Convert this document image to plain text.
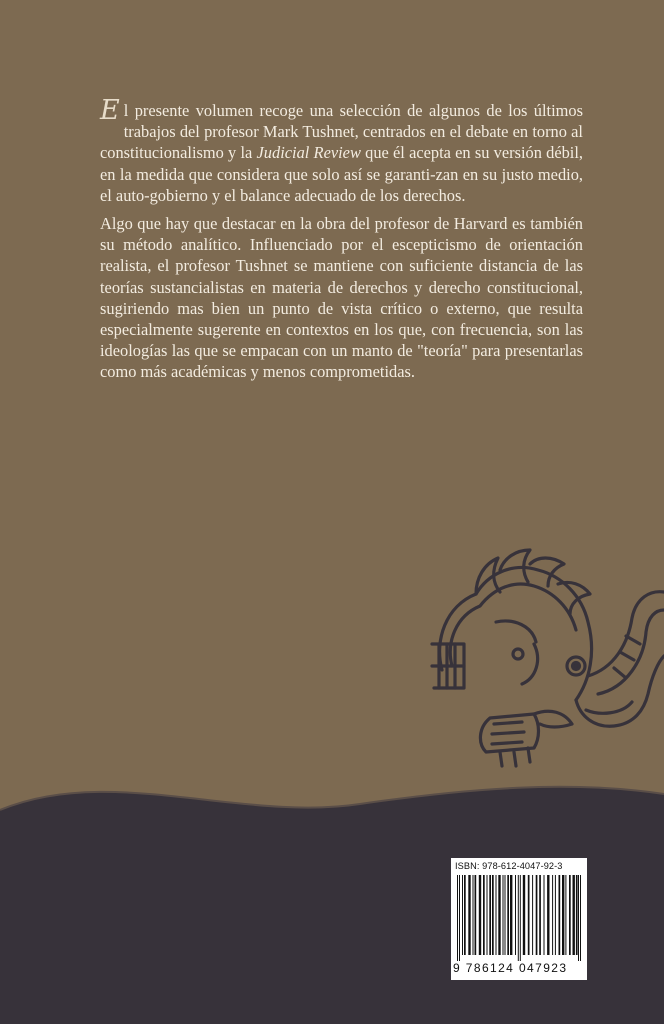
El presente volumen recoge una selección de algunos de los últimos trabajos del profesor Mark Tushnet, centrados en el debate en torno al constitucionalismo y la Judicial Review que él acepta en su versión débil, en la medida que considera que solo así se garanti-zan en su justo medio, el auto-gobierno y el balance adecuado de los derechos.

Algo que hay que destacar en la obra del profesor de Harvard es también su método analítico. Influenciado por el escepticismo de orientación realista, el profesor Tushnet se mantiene con suficiente distancia de las teorías sustancialistas en materia de derechos y derecho constitucional, sugiriendo mas bien un punto de vista crítico o externo, que resulta especialmente sugerente en contextos en los que, con frecuencia, son las ideologías las que se empacan con un manto de "teoría" para presentarlas como más académicas y menos comprometidas.

ISBN: 978-612-4047-92-3
9 786124 047923
